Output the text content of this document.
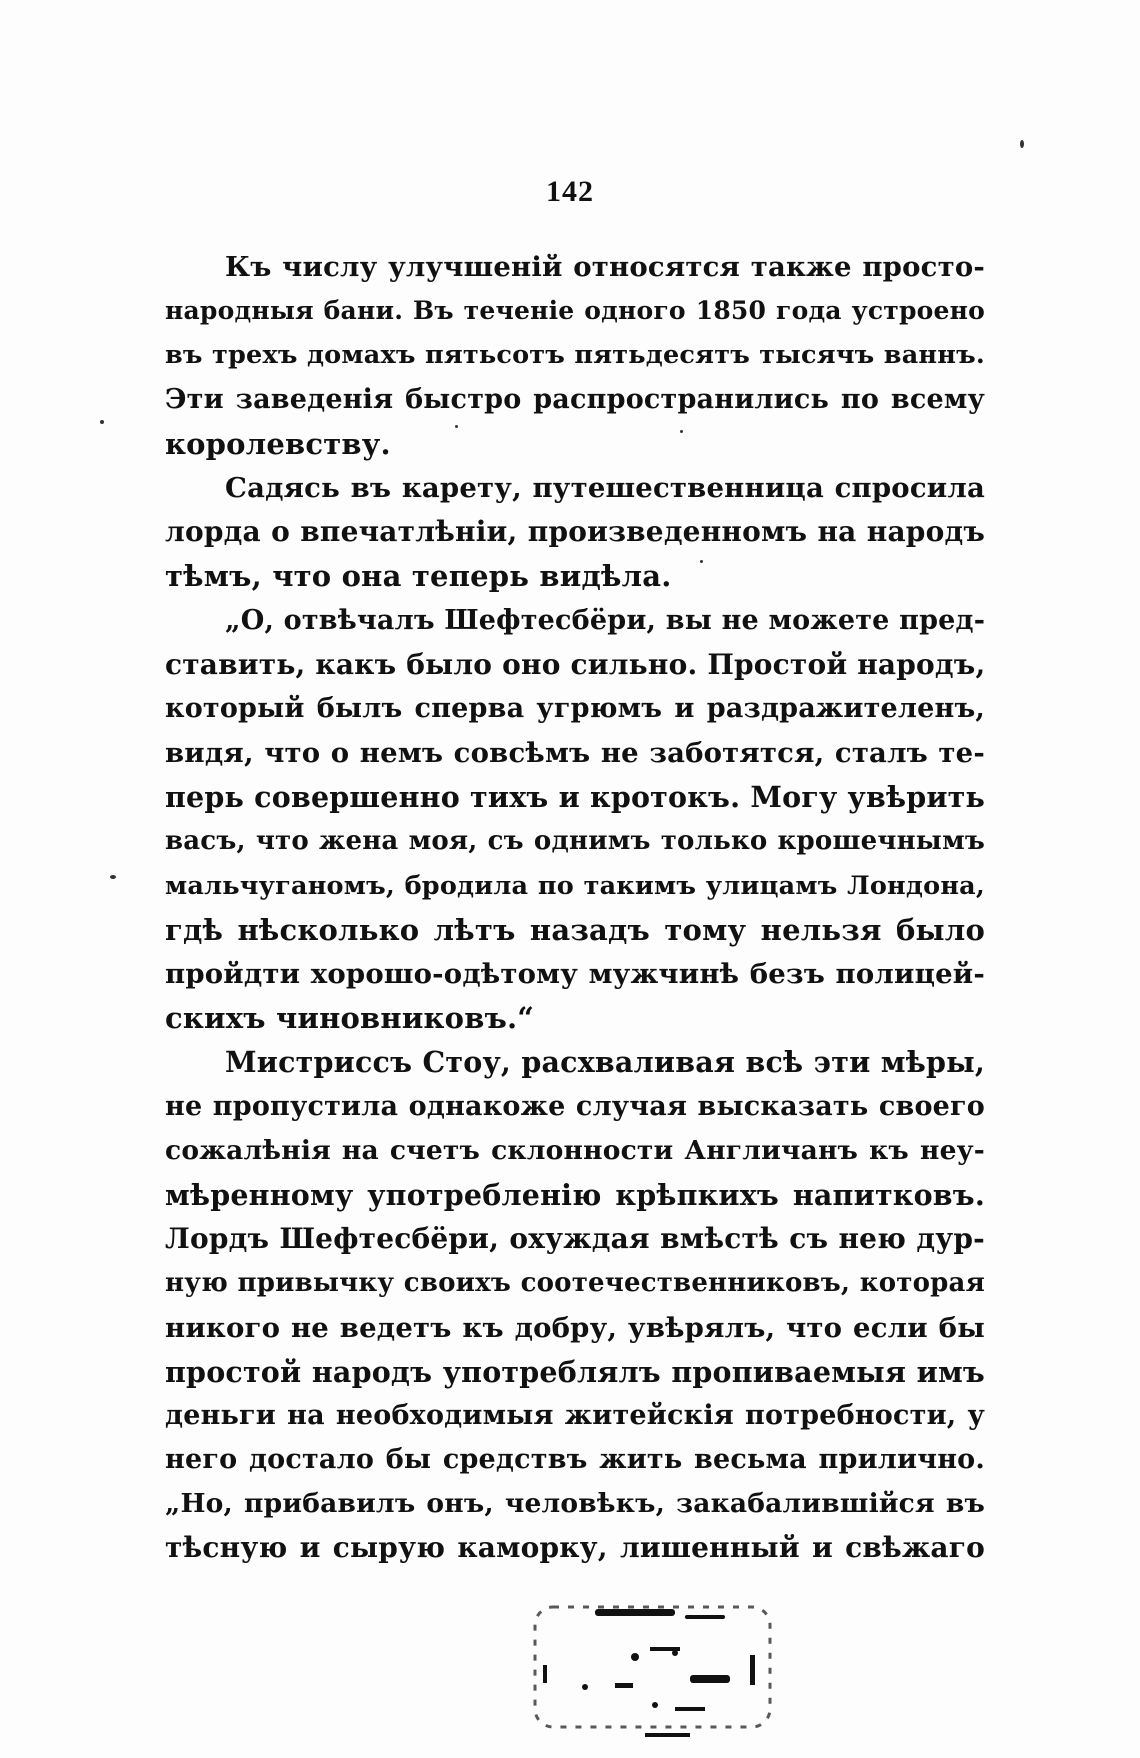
142
Къ числу улучшеній относятся также просто-
народныя бани. Въ теченіе одного 1850 года устроено
въ трехъ домахъ пятьсотъ пятьдесятъ тысячъ ваннъ.
Эти заведенія быстро распространились по всему
королевству.
Садясь въ карету, путешественница спросила
лорда о впечатлѣніи, произведенномъ на народъ
тѣмъ, что она теперь видѣла.
„О, отвѣчалъ Шефтесбёри, вы не можете пред-
ставить, какъ было оно сильно. Простой народъ,
который былъ сперва угрюмъ и раздражителенъ,
видя, что о немъ совсѣмъ не заботятся, сталъ те-
перь совершенно тихъ и кротокъ. Могу увѣрить
васъ, что жена моя, съ однимъ только крошечнымъ
мальчуганомъ, бродила по такимъ улицамъ Лондона,
гдѣ нѣсколько лѣтъ назадъ тому нельзя было
пройдти хорошо-одѣтому мужчинѣ безъ полицей-
скихъ чиновниковъ.“
Мистриссъ Стоу, расхваливая всѣ эти мѣры,
не пропустила однакоже случая высказать своего
сожалѣнія на счетъ склонности Англичанъ къ неу-
мѣренному употребленію крѣпкихъ напитковъ.
Лордъ Шефтесбёри, охуждая вмѣстѣ съ нею дур-
ную привычку своихъ соотечественниковъ, которая
никого не ведетъ къ добру, увѣрялъ, что если бы
простой народъ употреблялъ пропиваемыя имъ
деньги на необходимыя житейскія потребности, у
него достало бы средствъ жить весьма прилично.
„Но, прибавилъ онъ, человѣкъ, закабалившійся въ
тѣсную и сырую каморку, лишенный и свѣжаго
